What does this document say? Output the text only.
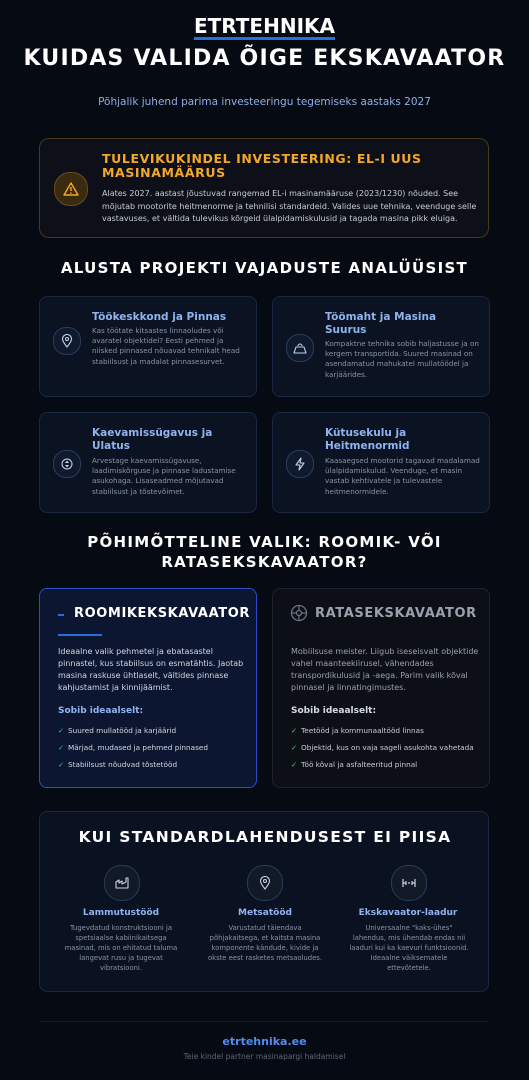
ETRTEHNIKA
KUIDAS VALIDA ÕIGE EKSKAVAATOR
Põhjalik juhend parima investeeringu tegemiseks aastaks 2027
TULEVIKUKINDEL INVESTEERING: EL-I UUS MASINAMÄÄRUS
Alates 2027. aastast jõustuvad rangemad EL-i masinamääruse (2023/1230) nõuded. See mõjutab mootorite heitmenorme ja tehnilisi standardeid. Valides uue tehnika, veenduge selle vastavuses, et vältida tulevikus kõrgeid ülalpidamiskulusid ja tagada masina pikk eluiga.
ALUSTA PROJEKTI VAJADUSTE ANALÜÜSIST
Töökeskkond ja Pinnas
Kas töötate kitsastes linnaoludes või avaratel objektidel? Eesti pehmed ja niisked pinnased nõuavad tehnikalt head stabiilsust ja madalat pinnasesurvet.
Töömaht ja Masina Suurus
Kompaktne tehnika sobib haljastusse ja on kergem transportida. Suured masinad on asendamatud mahukatel mullatöödel ja karjäärides.
Kaevamissügavus ja Ulatus
Arvestage kaevamissügavuse, laadimiskõrguse ja pinnase ladustamise asukohaga. Lisaseadmed mõjutavad stabiilsust ja tõstevõimet.
Kütusekulu ja Heitmenormid
Kaasaegsed mootorid tagavad madalamad ülalpidamiskulud. Veenduge, et masin vastab kehtivatele ja tulevastele heitmenormidele.
PÕHIMÕTTELINE VALIK: ROOMIK- VÕI RATASEKSKAVAATOR?
ROOMIKEKSKAVAATOR
Ideaalne valik pehmetel ja ebatasastel pinnastel, kus stabiilsus on esmatähtis. Jaotab masina raskuse ühtlaselt, vältides pinnase kahjustamist ja kinnijäämist.
Sobib ideaalselt:
✓ Suured mullatööd ja karjäärid
✓ Märjad, mudased ja pehmed pinnased
✓ Stabiilsust nõudvad tõstetööd
RATASEKSKAVAATOR
Mobiilsuse meister. Liigub iseseisvalt objektide vahel maanteekiirusel, vähendades transpordikulusid ja -aega. Parim valik kõval pinnasel ja linnatingimustes.
Sobib ideaalselt:
✓ Teetööd ja kommunaaltööd linnas
✓ Objektid, kus on vaja sageli asukohta vahetada
✓ Töö kõval ja asfalteeritud pinnal
KUI STANDARDLAHENDUSEST EI PIISA
Lammutustööd
Tugevdatud konstruktsiooni ja spetsiaalse kabiinikaitsega masinad, mis on ehitatud taluma langevat rusu ja tugevat vibratsiooni.
Metsatööd
Varustatud täiendava põhjakaitsega, et kaitsta masina komponente kändude, kivide ja okste eest rasketes metsaoludes.
Ekskavaator-laadur
Universaalne "kaks-ühes" lahendus, mis ühendab endas nii laaduri kui ka kaevuri funktsioonid. Ideaalne väiksematele ettevõtetele.
etrtehnika.ee
Teie kindel partner masinapargi haldamisel
